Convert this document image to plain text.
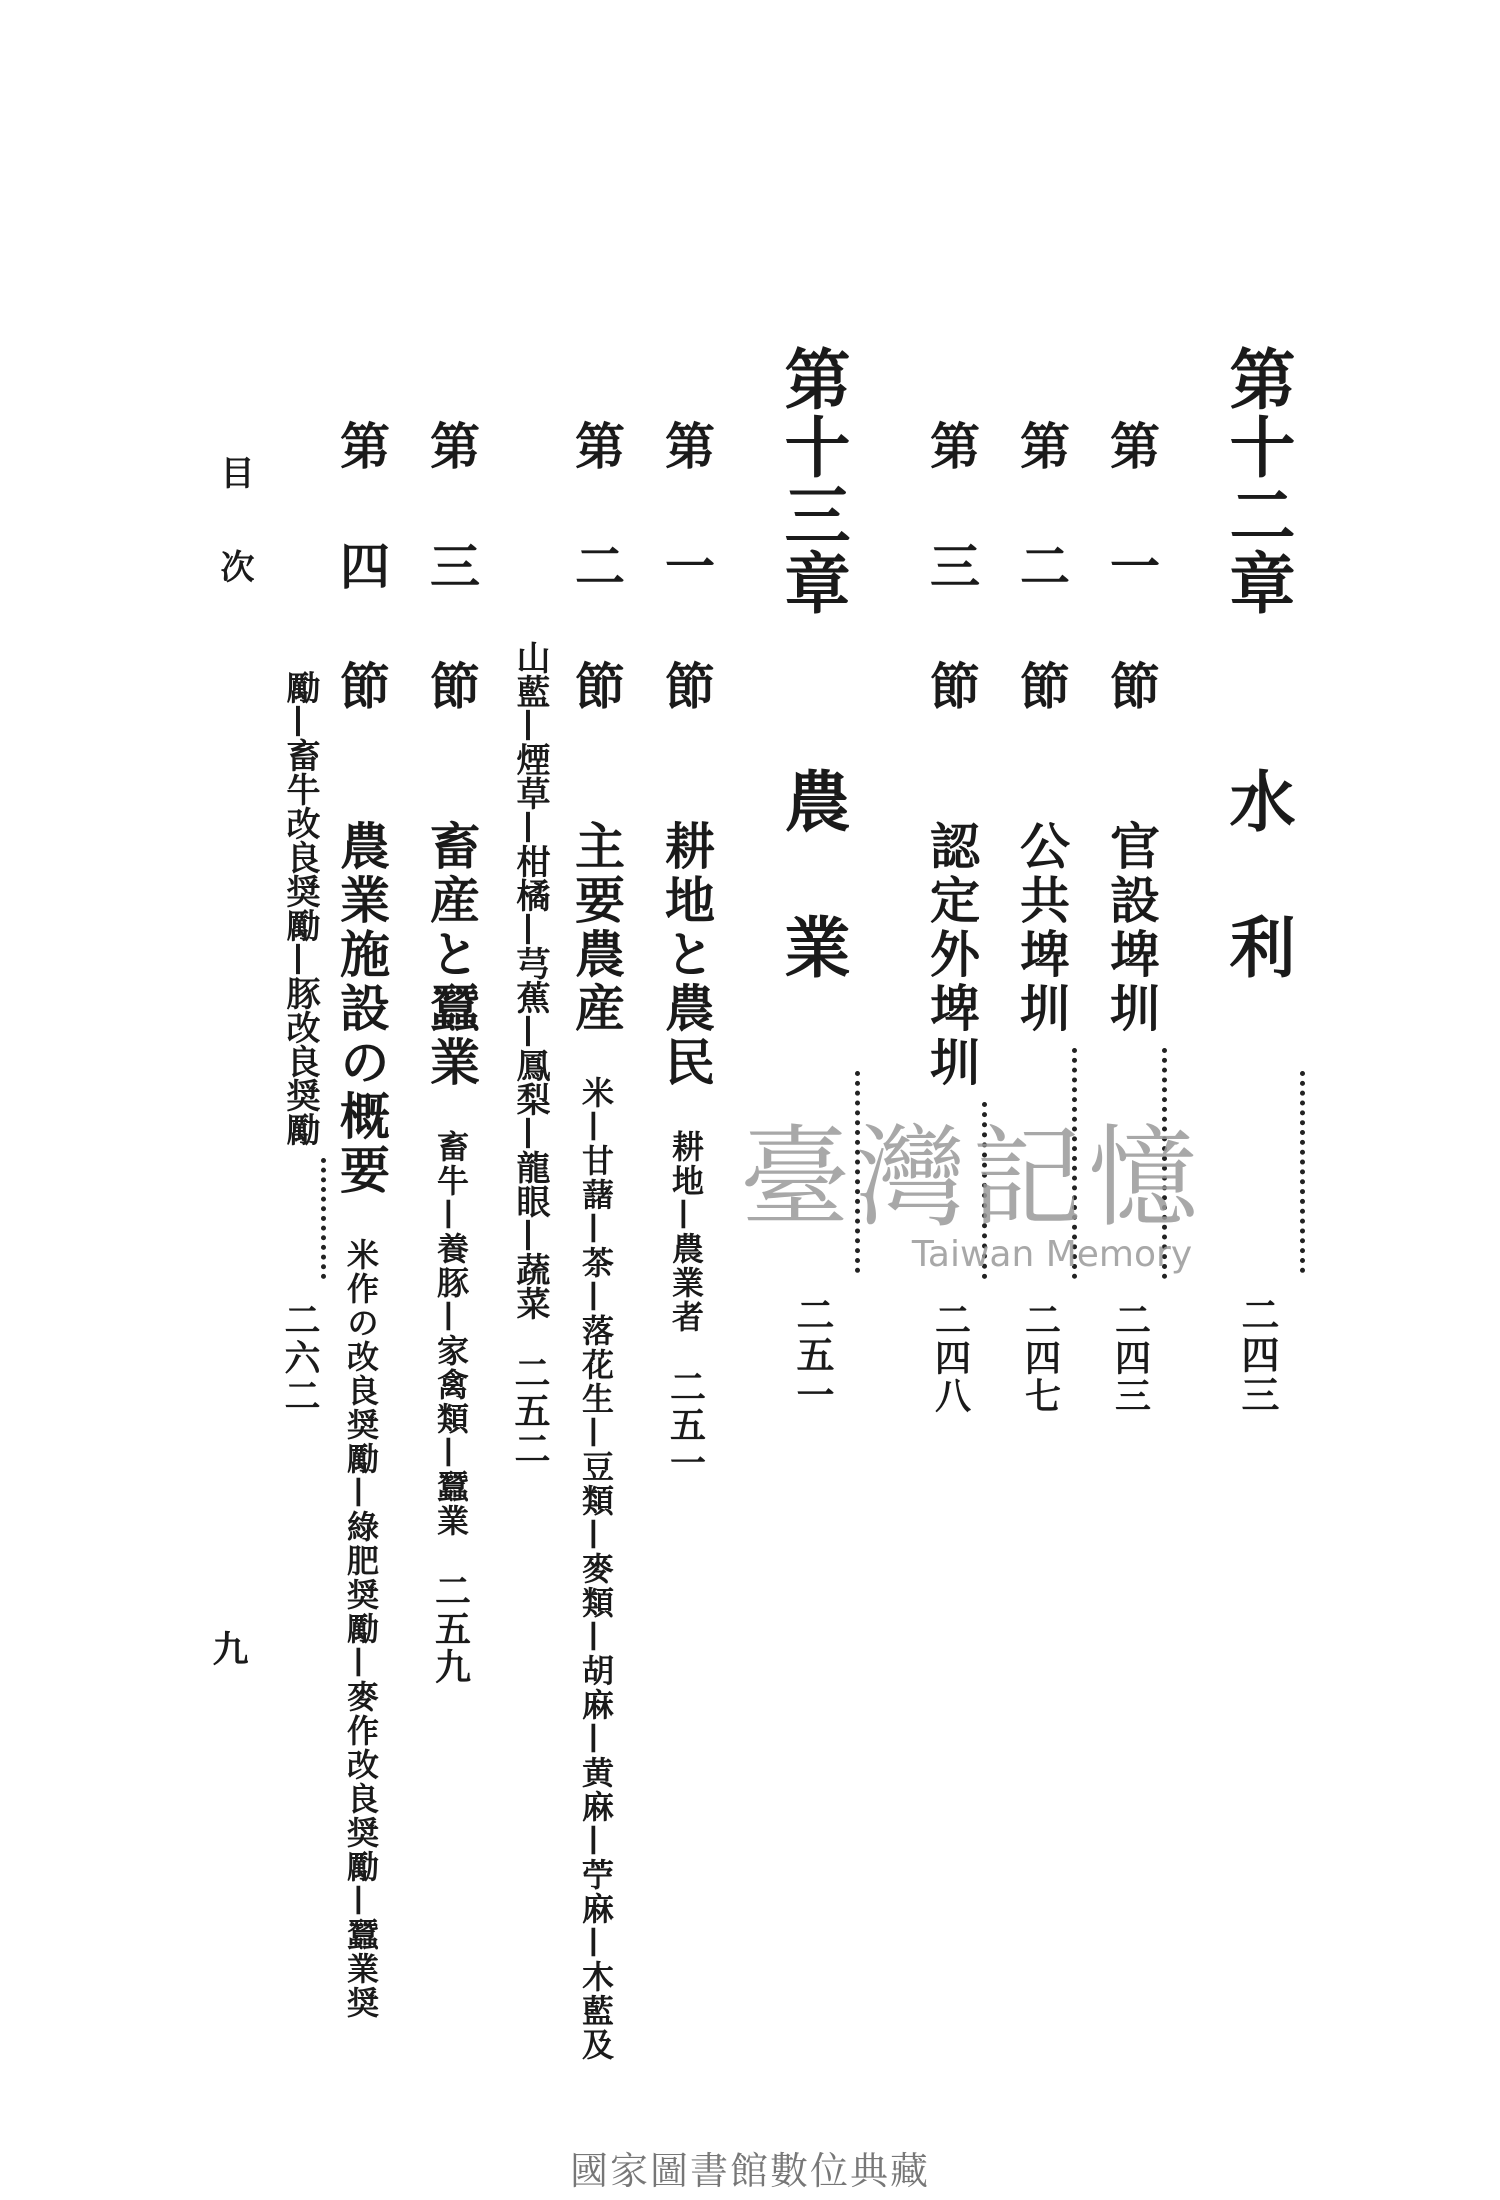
第十二章
水利
二四三
第一節
官設埤圳
二四三
第二節
公共埤圳
二四七
第三節
認定外埤圳
二四八
第十三章
農業
二五一
第一節
耕地と農民
耕地—農業者
二五一
第二節
主要農産
米—甘藷—茶—落花生—豆類—麥類—胡麻—黄麻—苧麻—木藍及
山藍—煙草—柑橘—芎蕉—鳳梨—龍眼—蔬菜
二五二
第三節
畜産と蠶業
畜牛—養豚—家禽類—蠶業
二五九
第四節
農業施設の概要
米作の改良奨勵—綠肥奨勵—麥作改良奨勵—蠶業奨
勵—畜牛改良奨勵—豚改良奨勵
二六二
目次
九
臺灣記憶
Taiwan Memory
國家圖書館數位典藏
